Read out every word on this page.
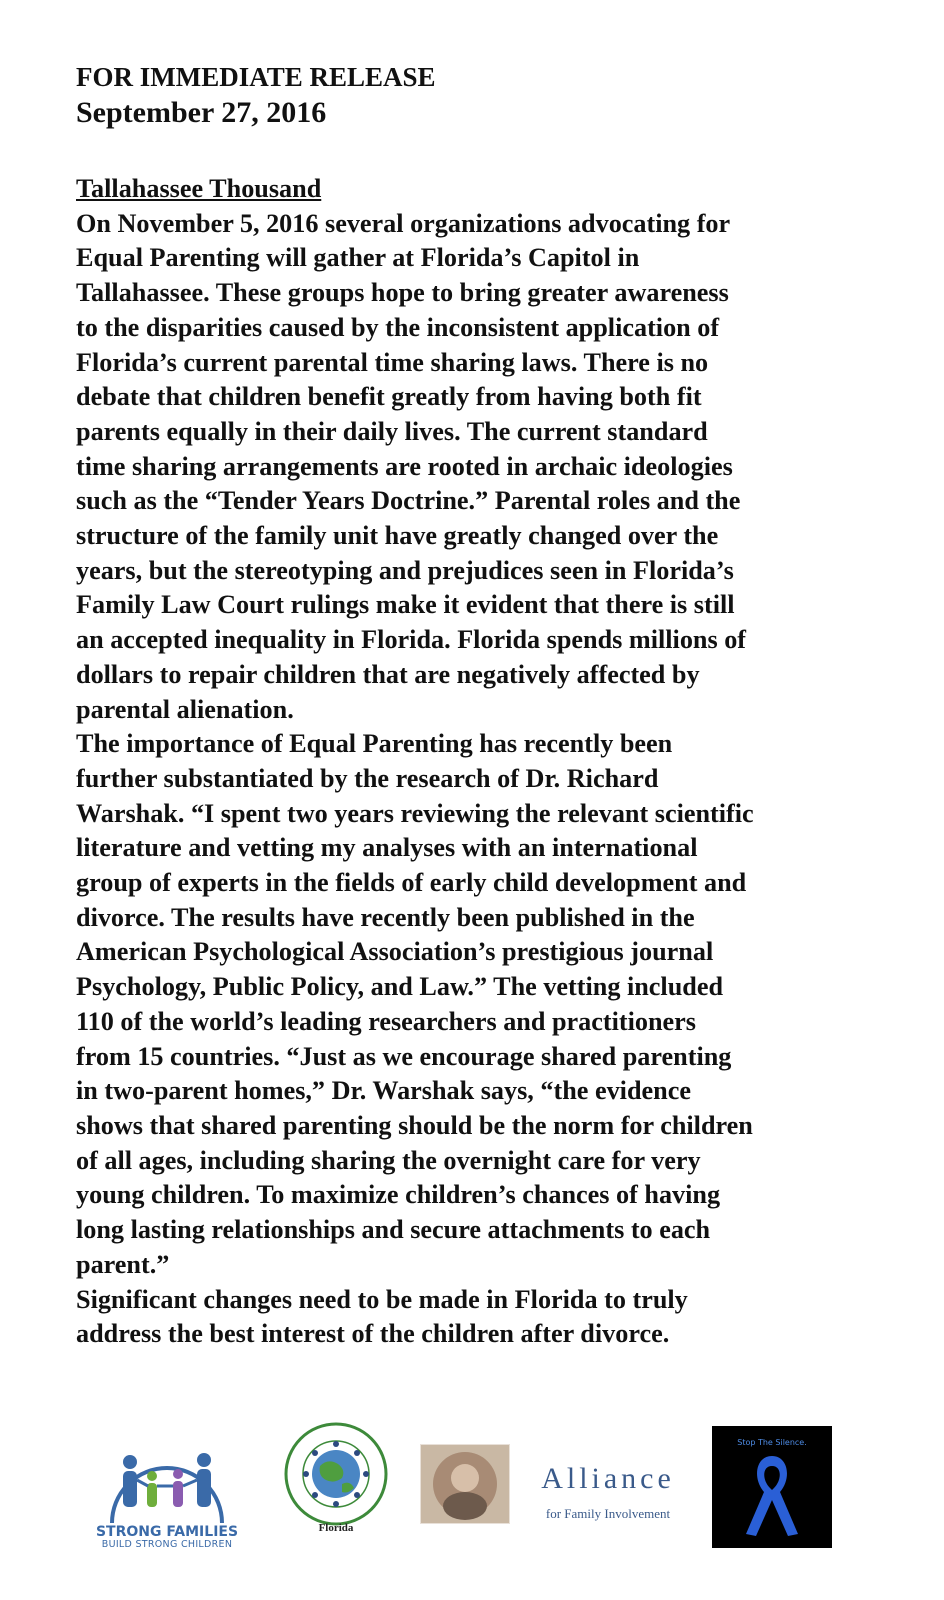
FOR IMMEDIATE RELEASE
September 27, 2016
Tallahassee Thousand
On November 5, 2016 several organizations advocating for
Equal Parenting will gather at Florida’s Capitol in
Tallahassee. These groups hope to bring greater awareness
to the disparities caused by the inconsistent application of
Florida’s current parental time sharing laws. There is no
debate that children benefit greatly from having both fit
parents equally in their daily lives. The current standard
time sharing arrangements are rooted in archaic ideologies
such as the “Tender Years Doctrine.” Parental roles and the
structure of the family unit have greatly changed over the
years, but the stereotyping and prejudices seen in Florida’s
Family Law Court rulings make it evident that there is still
an accepted inequality in Florida. Florida spends millions of
dollars to repair children that are negatively affected by
parental alienation.
The importance of Equal Parenting has recently been
further substantiated by the research of Dr. Richard
Warshak. “I spent two years reviewing the relevant scientific
literature and vetting my analyses with an international
group of experts in the fields of early child development and
divorce. The results have recently been published in the
American Psychological Association’s prestigious journal
Psychology, Public Policy, and Law.” The vetting included
110 of the world’s leading researchers and practitioners
from 15 countries. “Just as we encourage shared parenting
in two-parent homes,” Dr. Warshak says, “the evidence
shows that shared parenting should be the norm for children
of all ages, including sharing the overnight care for very
young children. To maximize children’s chances of having
long lasting relationships and secure attachments to each
parent.”
Significant changes need to be made in Florida to truly
address the best interest of the children after divorce.
STRONG FAMILIES
BUILD STRONG CHILDREN
Florida
Alliance
for Family Involvement
Stop The Silence.
